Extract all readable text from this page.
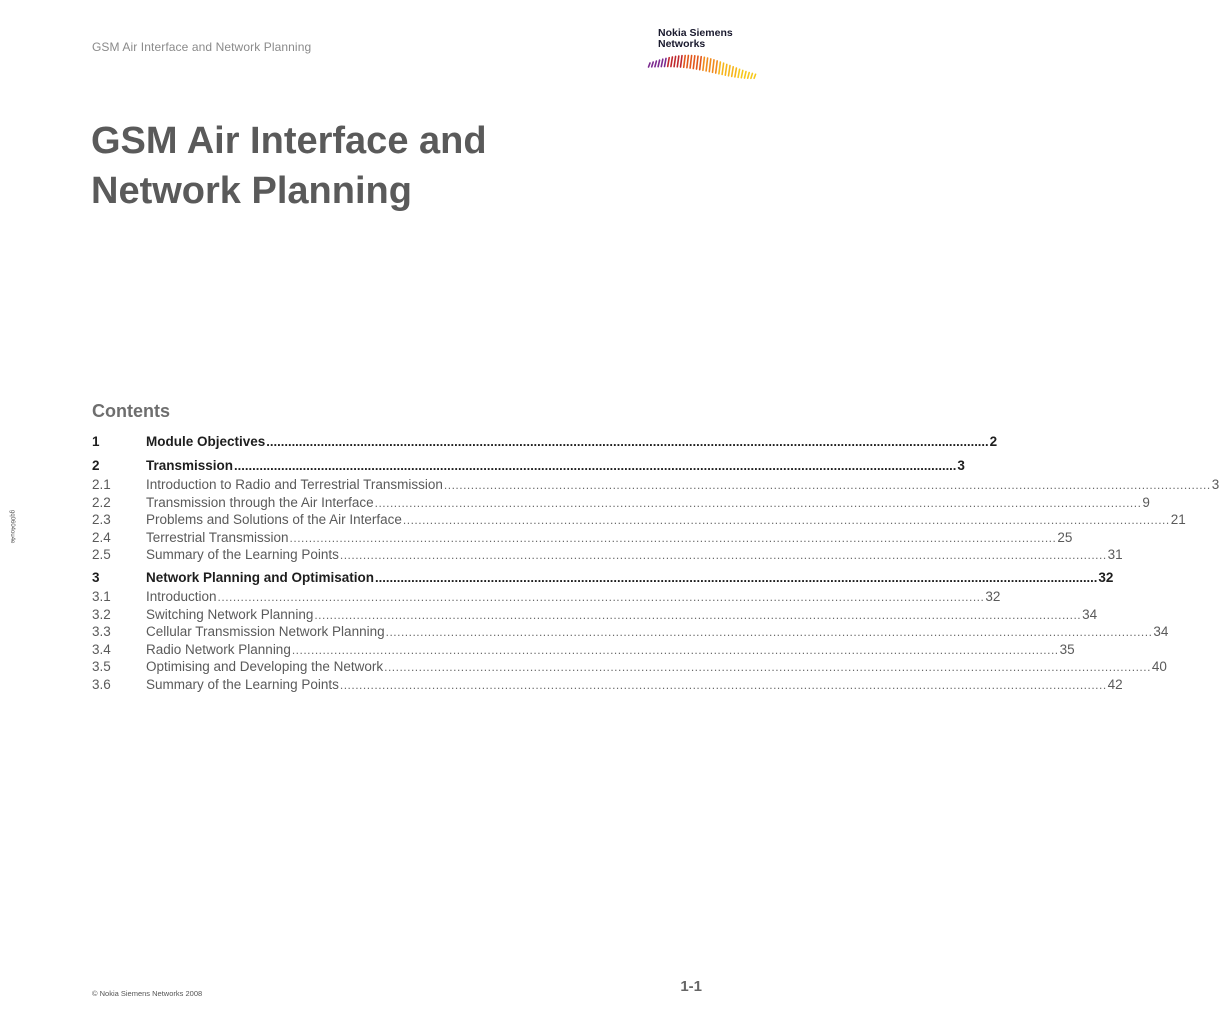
GSM Air Interface and Network Planning
Nokia Siemens
Networks
GSM Air Interface and Network Planning
gq0604ou4e
Contents
1	Module Objectives ........................................................................................................................................................................................................ 2
2	Transmission ........................................................................................................................................................................................................ 3
2.1	Introduction to Radio and Terrestrial Transmission ........................................................................................................................................................................................................ 3
2.2	Transmission through the Air Interface ........................................................................................................................................................................................................ 9
2.3	Problems and Solutions of the Air Interface ........................................................................................................................................................................................................ 21
2.4	Terrestrial Transmission ........................................................................................................................................................................................................ 25
2.5	Summary of the Learning Points ........................................................................................................................................................................................................ 31
3	Network Planning and Optimisation ........................................................................................................................................................................................................ 32
3.1	Introduction ........................................................................................................................................................................................................ 32
3.2	Switching Network Planning ........................................................................................................................................................................................................ 34
3.3	Cellular Transmission Network Planning ........................................................................................................................................................................................................ 34
3.4	Radio Network Planning ........................................................................................................................................................................................................ 35
3.5	Optimising and Developing the Network ........................................................................................................................................................................................................ 40
3.6	Summary of the Learning Points ........................................................................................................................................................................................................ 42
© Nokia Siemens Networks 2008	1-1
